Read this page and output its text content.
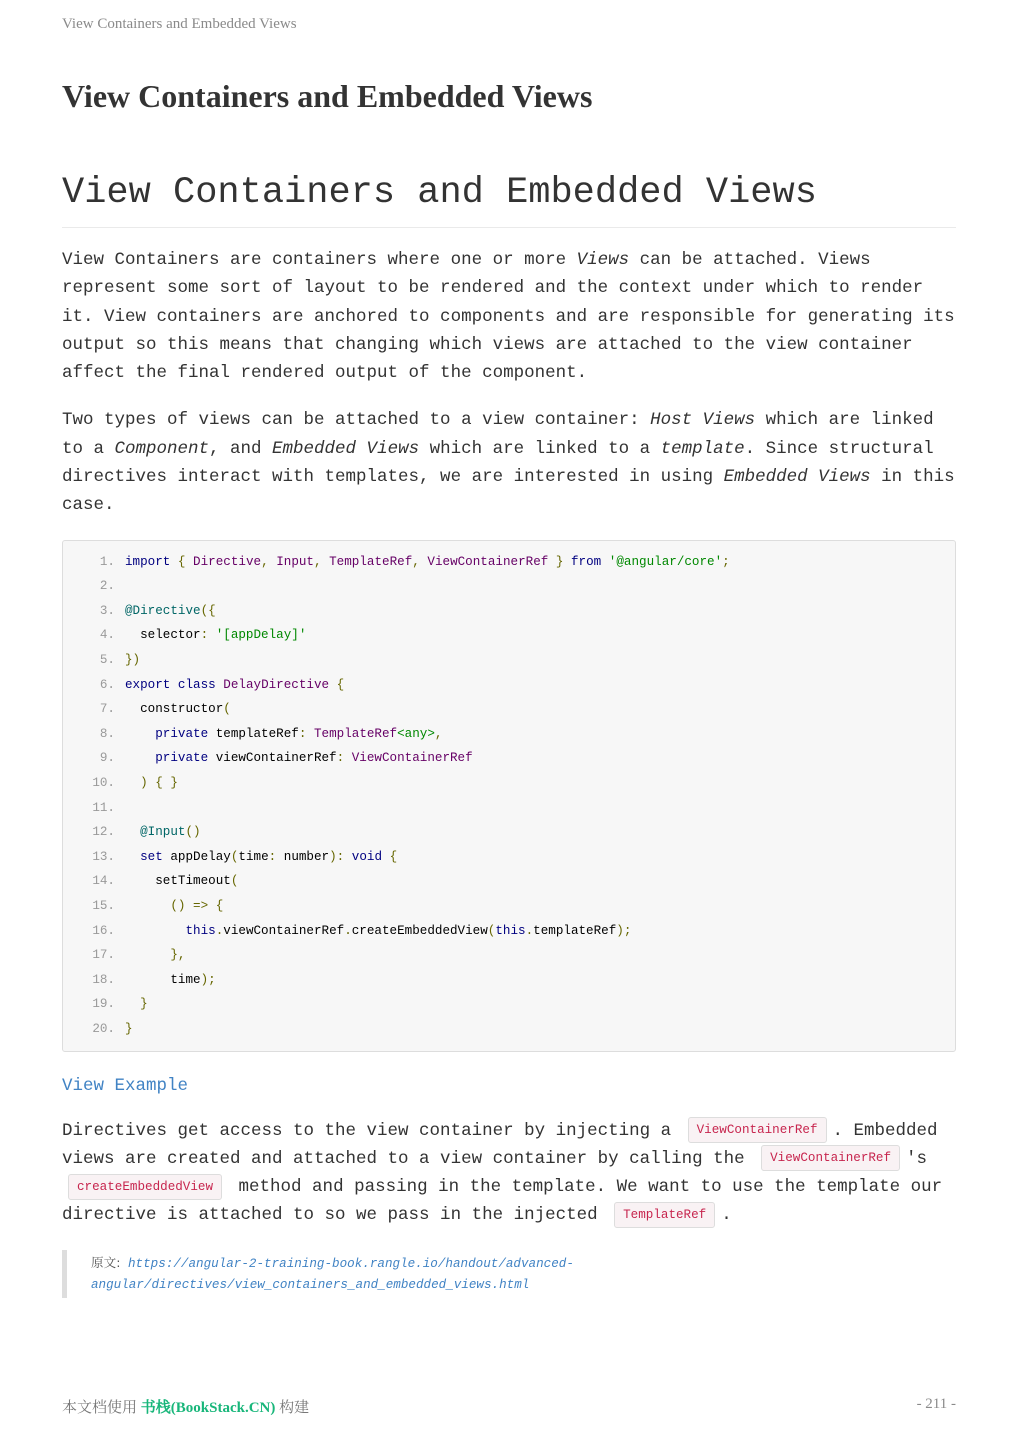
View Containers and Embedded Views
View Containers and Embedded Views
View Containers and Embedded Views

View Containers are containers where one or more Views can be attached. Views represent some sort of layout to be rendered and the context under which to render it. View containers are anchored to components and are responsible for generating its output so this means that changing which views are attached to the view container affect the final rendered output of the component.

Two types of views can be attached to a view container: Host Views which are linked to a Component, and Embedded Views which are linked to a template. Since structural directives interact with templates, we are interested in using Embedded Views in this case.

1. import { Directive, Input, TemplateRef, ViewContainerRef } from '@angular/core';
2.
3. @Directive({
4. selector: '[appDelay]'
5. })
6. export class DelayDirective {
7. constructor(
8.	private templateRef: TemplateRef<any>,
9.	private viewContainerRef: ViewContainerRef
10.	) { }
11.
12.	@Input()
13.	set appDelay(time: number): void {
14. setTimeout(
15.	() => {
16.	this.viewContainerRef.createEmbeddedView(this.templateRef);
17.	},
18. time);
19.	}
20. }
View Example

Directives get access to the view container by injecting a ViewContainerRef . Embedded views are created and attached to a view container by calling the ViewContainerRef 's createEmbeddedView method and passing in the template. We want to use the template our directive is attached to so we pass in the injected TemplateRef .

原文: https://angular-2-training-book.rangle.io/handout/advanced-
angular/directives/view_containers_and_embedded_views.html
本文档使用 书栈(BookStack.CN) 构建	- 211 -
